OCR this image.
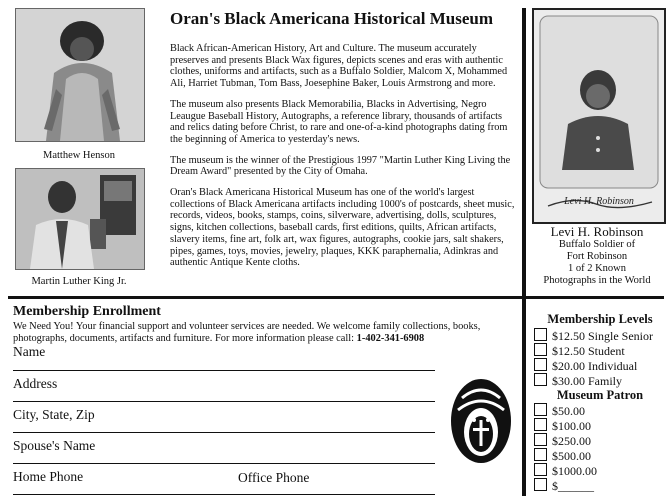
Matthew Henson
Martin Luther King Jr.
Oran's Black Americana Historical Museum

Black African-American History, Art and Culture. The museum accurately preserves and presents Black Wax figures, depicts scenes and eras with authentic clothes, uniforms and artifacts, such as a Buffalo Soldier, Malcom X, Mohammed Ali, Harriet Tubman, Tom Bass, Joesephine Baker, Louis Armstrong and more.

The museum also presents Black Memorabilia, Blacks in Advertising, Negro Leaugue Baseball History, Autographs, a reference library, thousands of artifacts and relics dating before Christ, to rare and one-of-a-kind photographs dating from the beginning of America to yesterday's news.

The museum is the winner of the Prestigious 1997 "Martin Luther King Living the Dream Award" presented by the City of Omaha.

Oran's Black Americana Historical Museum has one of the world's largest collections of Black Americana artifacts including 1000's of postcards, sheet music, records, videos, books, stamps, coins, silverware, advertising, dolls, sculptures, signs, kitchen collections, baseball cards, first editions, quilts, African artifacts, slavery items, fine art, folk art, wax figures, autographs, cookie jars, salt shakers, pipes, games, toys, movies, jewelry, plaques, KKK paraphernalia, Adinkras and authentic Antique Kente cloths.

Levi H. Robinson
Levi H. Robinson
Buffalo Soldier of
Fort Robinson
1 of 2 Known
Photographs in the World
Membership Enrollment
We Need You! Your financial support and volunteer services are needed. We welcome family collections, books, photographs, documents, artifacts and furniture. For more information please call: 1-402-341-6908
Name
Address
City, State, Zip
Spouse's Name
Home Phone	Office Phone
Membership Levels
$12.50 Single Senior
$12.50 Student
$20.00 Individual
$30.00 Family
Museum Patron
$50.00
$100.00
$250.00
$500.00
$1000.00
$______
